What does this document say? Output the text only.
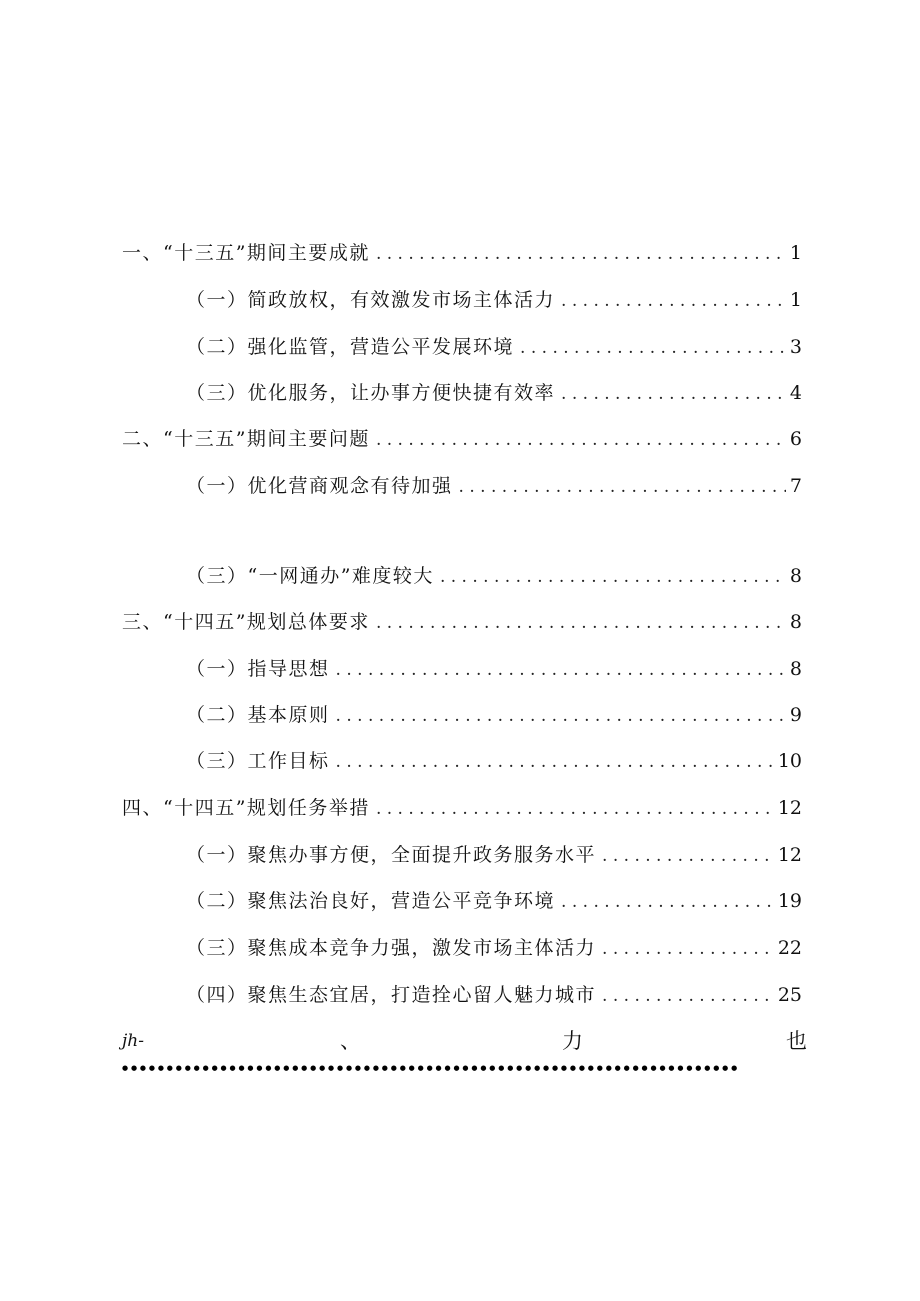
一、“十三五”期间主要成就 . . .	1
（一）简政放权，有效激发市场主体活力 . . .	1
（二）强化监管，营造公平发展环境 . . .	3
（三）优化服务，让办事方便快捷有效率 . . .	4
二、“十三五”期间主要问题 . . .	6
（一）优化营商观念有待加强 . . .	7
（三）“一网通办”难度较大 . . .	8
三、“十四五”规划总体要求 . . .	8
（一）指导思想 . . .	8
（二）基本原则 . . .	9
（三）工作目标 . . .	10
四、“十四五”规划任务举措 . . .	12
（一）聚焦办事方便，全面提升政务服务水平 . . .	12
（二）聚焦法治良好，营造公平竞争环境 . . .	19
（三）聚焦成本竞争力强，激发市场主体活力 . . .	22
（四）聚焦生态宜居，打造拴心留人魅力城市 . . .	25
jh-	、	力	也
●●●●●●●●●●●●●●●●●●●●●●●●●●●●●●●●●●●●●●●●●●●●●●●●●●●●●●●●●●●●●●●●●●●●●
